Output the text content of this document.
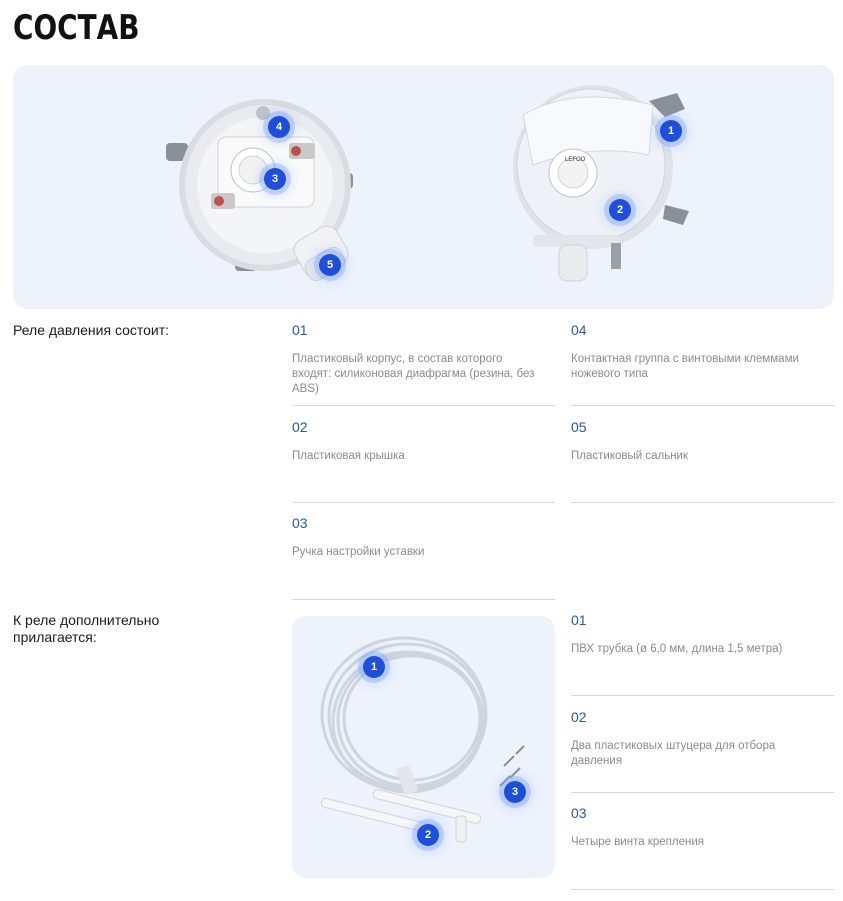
СОСТАВ
LEFOO
4
3
5
1
2
Реле давления состоит:	01
Пластиковый корпус, в состав которого входят: силиконовая диафрагма (резина, без ABS)
02
Пластиковая крышка
03
Ручка настройки уставки
04
Контактная группа с винтовыми клеммами ножевого типа
05
Пластиковый сальник
К реле дополнительно прилагается:
1
2
3
01
ПВХ трубка (ø 6,0 мм, длина 1,5 метра)
02
Два пластиковых штуцера для отбора давления
03
Четыре винта крепления
